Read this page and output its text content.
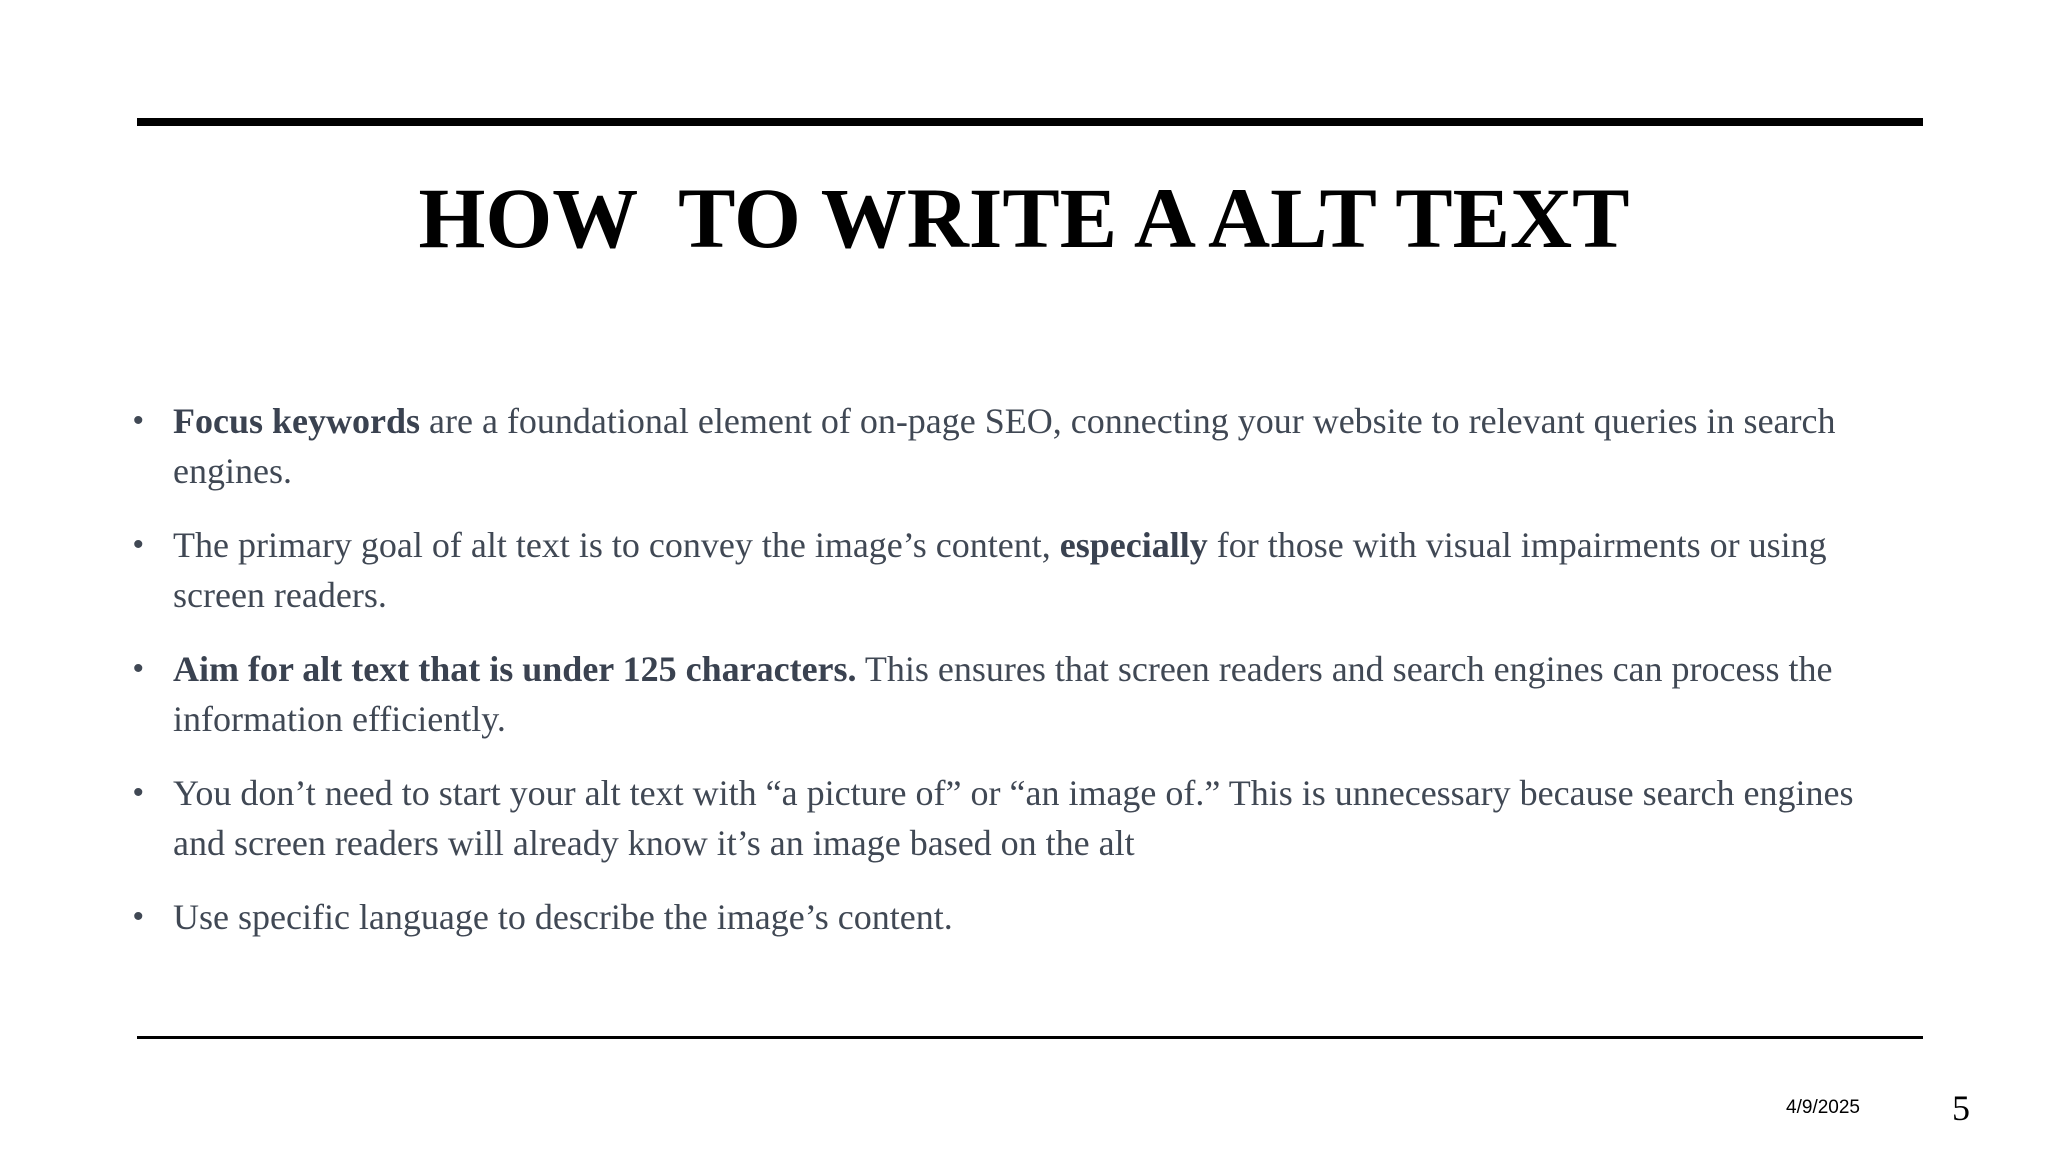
HOW  TO WRITE A ALT TEXT
• Focus keywords are a foundational element of on-page SEO, connecting your website to relevant queries in search engines.
• The primary goal of alt text is to convey the image’s content, especially for those with visual impairments or using screen readers.
• Aim for alt text that is under 125 characters. This ensures that screen readers and search engines can process the information efficiently.
• You don’t need to start your alt text with “a picture of” or “an image of.” This is unnecessary because search engines and screen readers will already know it’s an image based on the alt
• Use specific language to describe the image’s content.
4/9/2025	5
